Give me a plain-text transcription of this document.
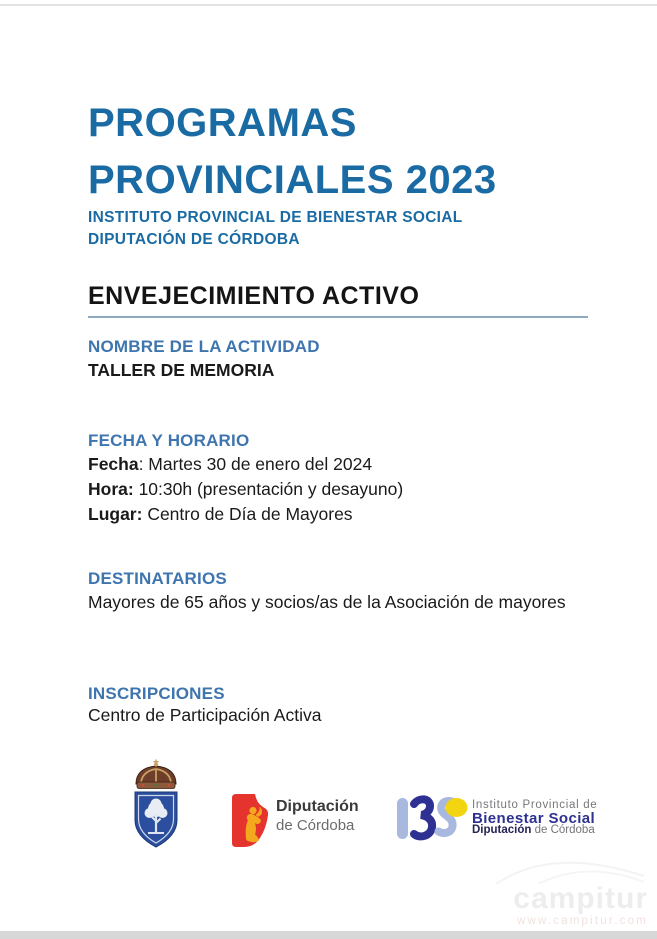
PROGRAMAS
PROVINCIALES 2023
INSTITUTO PROVINCIAL DE BIENESTAR SOCIAL
DIPUTACIÓN DE CÓRDOBA
ENVEJECIMIENTO ACTIVO
NOMBRE DE LA ACTIVIDAD
TALLER DE MEMORIA
FECHA Y HORARIO
Fecha: Martes 30 de enero del 2024
Hora: 10:30h (presentación y desayuno)
Lugar: Centro de Día de Mayores
DESTINATARIOS
Mayores de 65 años y socios/as de la Asociación de mayores
INSCRIPCIONES
Centro de Participación Activa
Diputación
de Córdoba
Instituto Provincial de
Bienestar Social
Diputación de Córdoba
campitur
www.campitur.com
